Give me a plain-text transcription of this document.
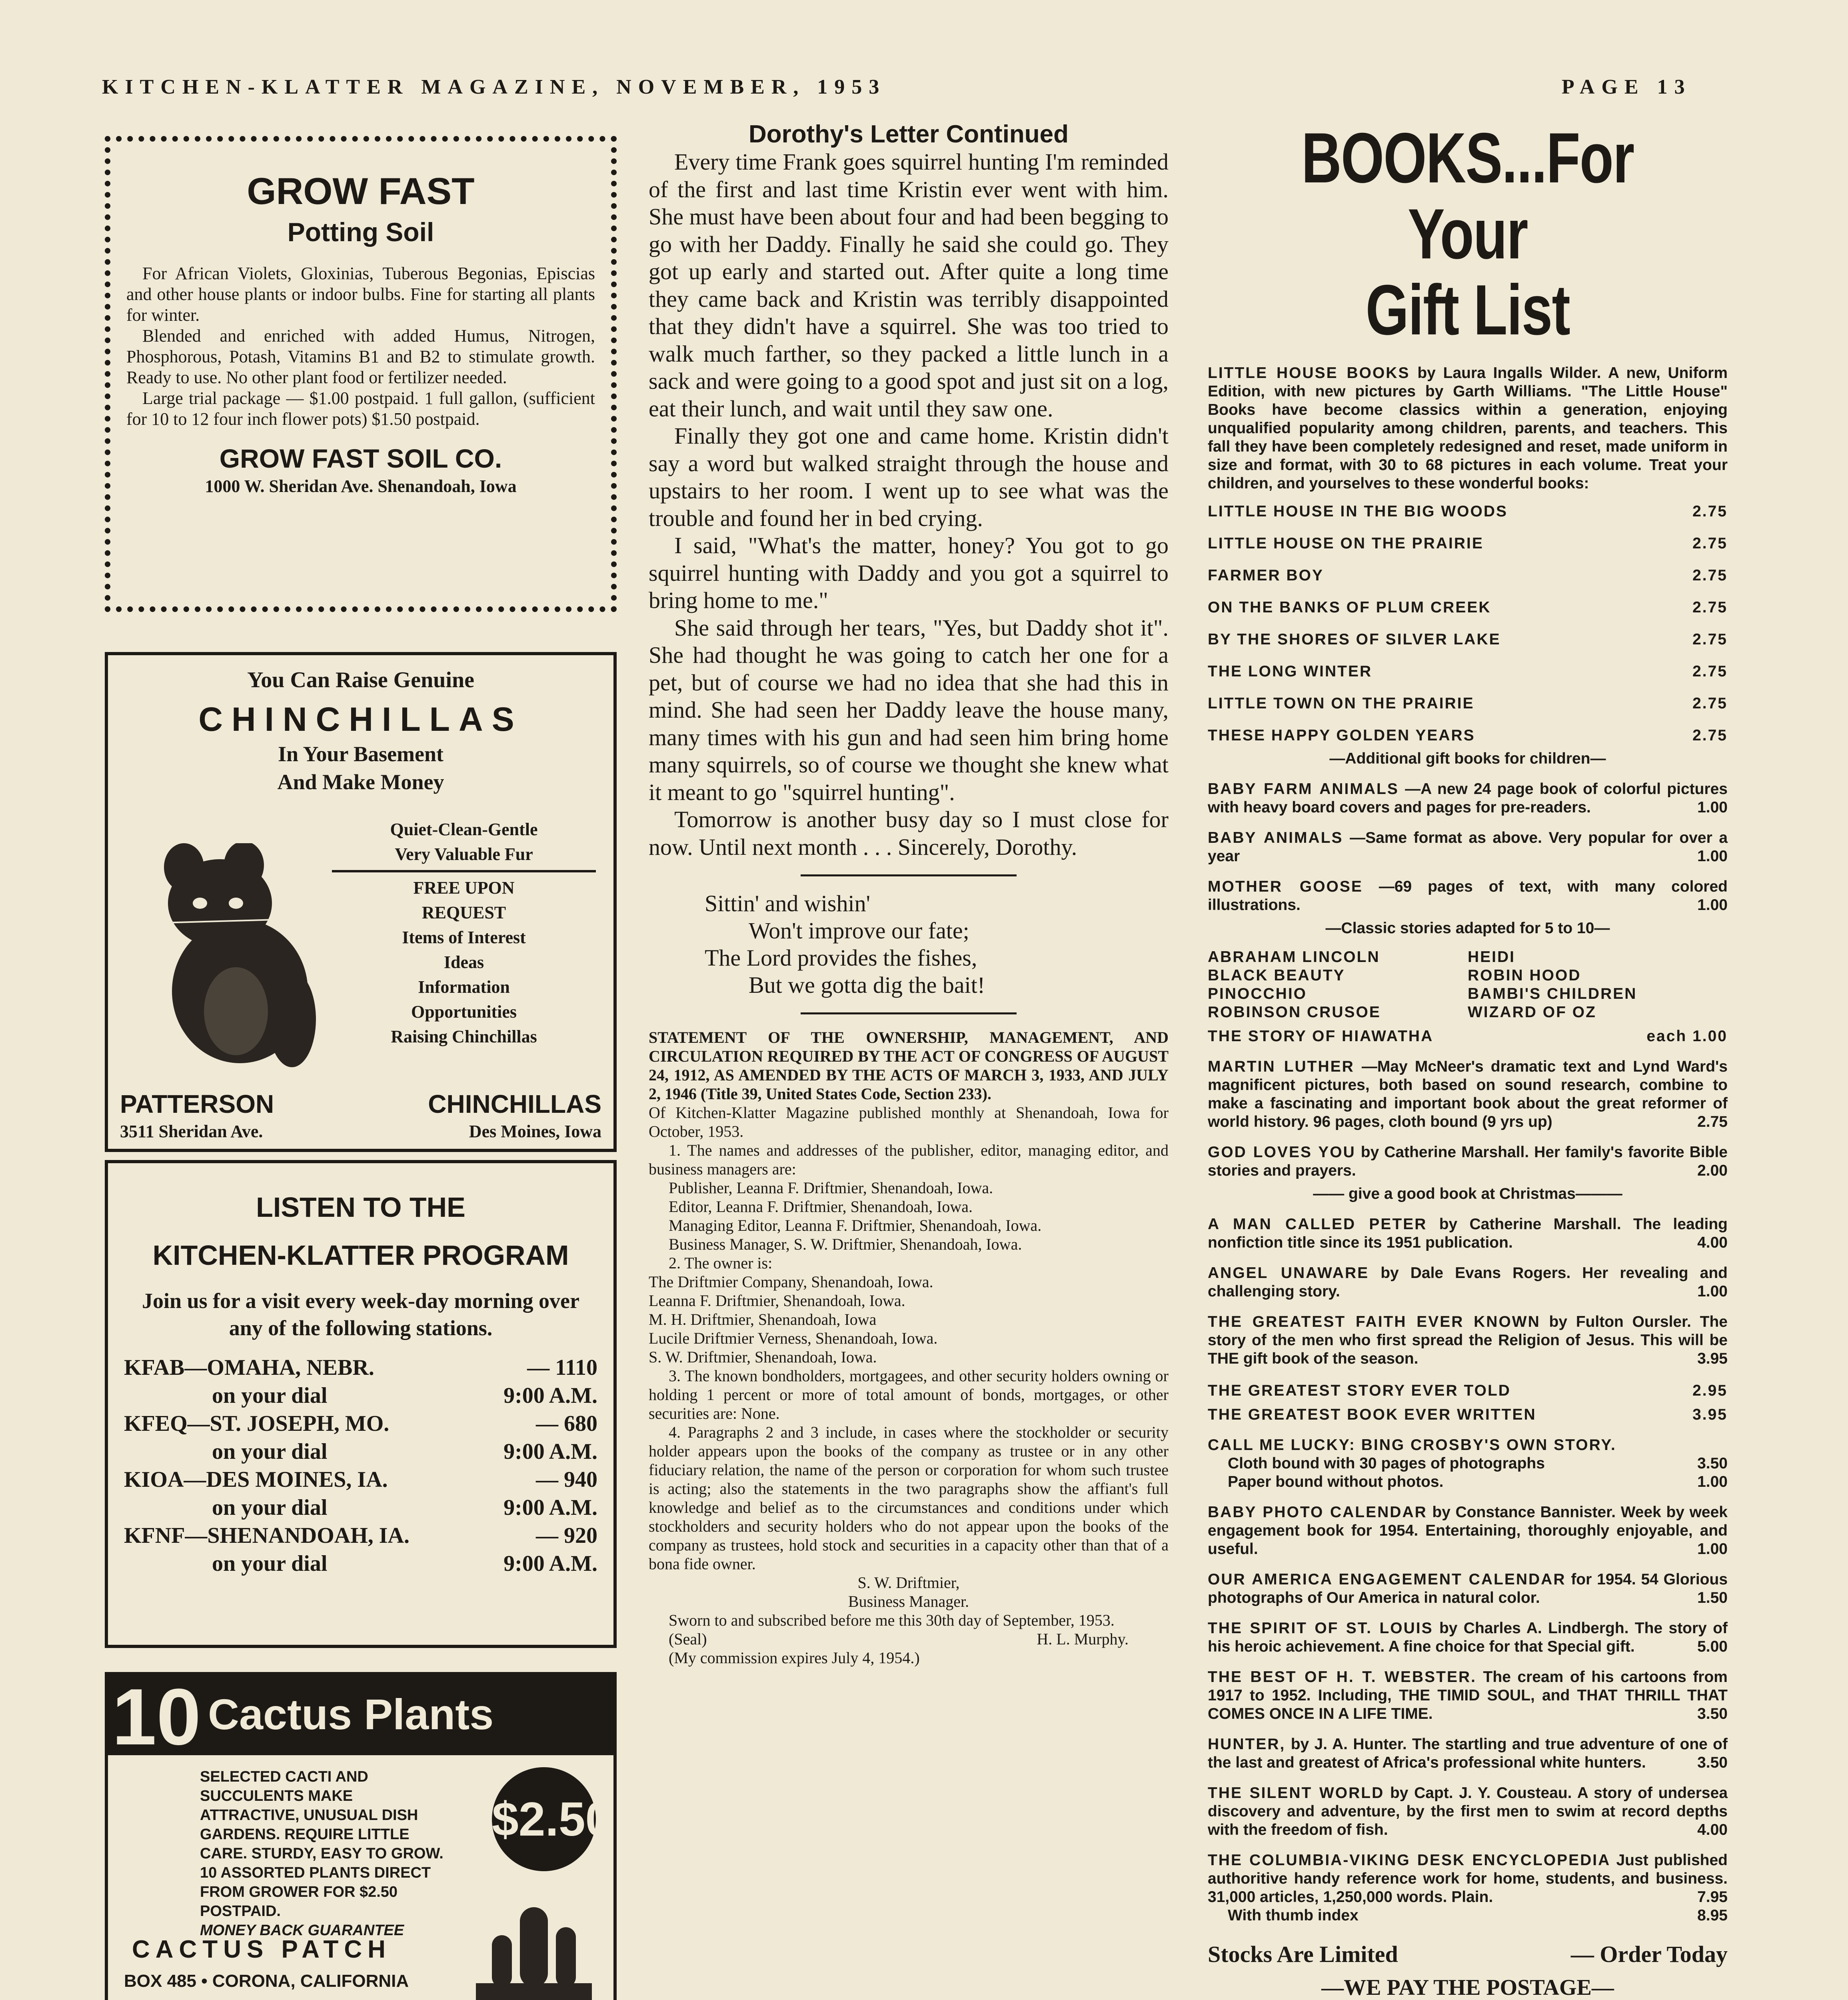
KITCHEN-KLATTER MAGAZINE, NOVEMBER, 1953	PAGE 13
GROW FAST
Potting Soil

For African Violets, Gloxinias, Tuberous Begonias, Episcias and other house plants or indoor bulbs. Fine for starting all plants for winter.

Blended and enriched with added Humus, Nitrogen, Phosphorous, Potash, Vitamins B1 and B2 to stimulate growth. Ready to use. No other plant food or fertilizer needed.

Large trial package — $1.00 postpaid. 1 full gallon, (sufficient for 10 to 12 four inch flower pots) $1.50 postpaid.

GROW FAST SOIL CO.
1000 W. Sheridan Ave. Shenandoah, Iowa
You Can Raise Genuine
CHINCHILLAS
In Your Basement
And Make Money
Quiet-Clean-Gentle
Very Valuable Fur
FREE UPON
REQUEST
Items of Interest
Ideas
Information
Opportunities
Raising Chinchillas
PATTERSON	CHINCHILLAS
3511 Sheridan Ave.	Des Moines, Iowa
LISTEN TO THE
KITCHEN-KLATTER PROGRAM
Join us for a visit every week-day morning over any of the following stations.
KFAB—OMAHA, NEBR.	— 1110
on your dial	9:00 A.M.
KFEQ—ST. JOSEPH, MO.	— 680
on your dial	9:00 A.M.
KIOA—DES MOINES, IA.	— 940
on your dial	9:00 A.M.
KFNF—SHENANDOAH, IA.	— 920
on your dial	9:00 A.M.
10 Cactus Plants
SELECTED CACTI AND SUCCULENTS MAKE ATTRACTIVE, UNUSUAL DISH GARDENS. REQUIRE LITTLE CARE. STURDY, EASY TO GROW. 10 ASSORTED PLANTS DIRECT FROM GROWER FOR $2.50 POSTPAID.
MONEY BACK GUARANTEE
$2.50
CACTUS PATCH
BOX 485 • CORONA, CALIFORNIA
Dorothy's Letter Continued

Every time Frank goes squirrel hunting I'm reminded of the first and last time Kristin ever went with him. She must have been about four and had been begging to go with her Daddy. Finally he said she could go. They got up early and started out. After quite a long time they came back and Kristin was terribly disappointed that they didn't have a squirrel. She was too tried to walk much farther, so they packed a little lunch in a sack and were going to a good spot and just sit on a log, eat their lunch, and wait until they saw one.

Finally they got one and came home. Kristin didn't say a word but walked straight through the house and upstairs to her room. I went up to see what was the trouble and found her in bed crying.

I said, "What's the matter, honey? You got to go squirrel hunting with Daddy and you got a squirrel to bring home to me."

She said through her tears, "Yes, but Daddy shot it". She had thought he was going to catch her one for a pet, but of course we had no idea that she had this in mind. She had seen her Daddy leave the house many, many times with his gun and had seen him bring home many squirrels, so of course we thought she knew what it meant to go "squirrel hunting".

Tomorrow is another busy day so I must close for now. Until next month . . . Sincerely, Dorothy.

Sittin' and wishin'
Won't improve our fate;
The Lord provides the fishes,
But we gotta dig the bait!

STATEMENT OF THE OWNERSHIP, MANAGEMENT, AND CIRCULATION REQUIRED BY THE ACT OF CONGRESS OF AUGUST 24, 1912, AS AMENDED BY THE ACTS OF MARCH 3, 1933, AND JULY 2, 1946 (Title 39, United States Code, Section 233).

Of Kitchen-Klatter Magazine published monthly at Shenandoah, Iowa for October, 1953.

1. The names and addresses of the publisher, editor, managing editor, and business managers are:

Publisher, Leanna F. Driftmier, Shenandoah, Iowa.

Editor, Leanna F. Driftmier, Shenandoah, Iowa.

Managing Editor, Leanna F. Driftmier, Shenandoah, Iowa.

Business Manager, S. W. Driftmier, Shenandoah, Iowa.

2. The owner is:

The Driftmier Company, Shenandoah, Iowa.

Leanna F. Driftmier, Shenandoah, Iowa.

M. H. Driftmier, Shenandoah, Iowa

Lucile Driftmier Verness, Shenandoah, Iowa.

S. W. Driftmier, Shenandoah, Iowa.

3. The known bondholders, mortgagees, and other security holders owning or holding 1 percent or more of total amount of bonds, mortgages, or other securities are: None.

4. Paragraphs 2 and 3 include, in cases where the stockholder or security holder appears upon the books of the company as trustee or in any other fiduciary relation, the name of the person or corporation for whom such trustee is acting; also the statements in the two paragraphs show the affiant's full knowledge and belief as to the circumstances and conditions under which stockholders and security holders who do not appear upon the books of the company as trustees, hold stock and securities in a capacity other than that of a bona fide owner.

S. W. Driftmier,

Business Manager.

Sworn to and subscribed before me this 30th day of September, 1953.

(Seal)	H. L. Murphy.

(My commission expires July 4, 1954.)

BOOKS...For Your
Gift List
LITTLE HOUSE BOOKS by Laura Ingalls Wilder. A new, Uniform Edition, with new pictures by Garth Williams. "The Little House" Books have become classics within a generation, enjoying unqualified popularity among children, parents, and teachers. This fall they have been completely redesigned and reset, made uniform in size and format, with 30 to 68 pictures in each volume. Treat your children, and yourselves to these wonderful books:
LITTLE HOUSE IN THE BIG WOODS	2.75
LITTLE HOUSE ON THE PRAIRIE	2.75
FARMER BOY	2.75
ON THE BANKS OF PLUM CREEK	2.75
BY THE SHORES OF SILVER LAKE	2.75
THE LONG WINTER	2.75
LITTLE TOWN ON THE PRAIRIE	2.75
THESE HAPPY GOLDEN YEARS	2.75
—Additional gift books for children—
BABY FARM ANIMALS —A new 24 page book of colorful pictures with heavy board covers and pages for pre-readers.	1.00
BABY ANIMALS —Same format as above. Very popular for over a year	1.00
MOTHER GOOSE —69 pages of text, with many colored illustrations.	1.00
—Classic stories adapted for 5 to 10—
ABRAHAM LINCOLN	HEIDI
BLACK BEAUTY	ROBIN HOOD
PINOCCHIO	BAMBI'S CHILDREN
ROBINSON CRUSOE	WIZARD OF OZ
THE STORY OF HIAWATHA	each 1.00
MARTIN LUTHER —May McNeer's dramatic text and Lynd Ward's magnificent pictures, both based on sound research, combine to make a fascinating and important book about the great reformer of world history. 96 pages, cloth bound (9 yrs up)	2.75
GOD LOVES YOU by Catherine Marshall. Her family's favorite Bible stories and prayers.	2.00
—— give a good book at Christmas———
A MAN CALLED PETER by Catherine Marshall. The leading nonfiction title since its 1951 publication.	4.00
ANGEL UNAWARE by Dale Evans Rogers. Her revealing and challenging story.	1.00
THE GREATEST FAITH EVER KNOWN by Fulton Oursler. The story of the men who first spread the Religion of Jesus. This will be THE gift book of the season.	3.95
THE GREATEST STORY EVER TOLD	2.95
THE GREATEST BOOK EVER WRITTEN	3.95
CALL ME LUCKY: BING CROSBY'S OWN STORY.
Cloth bound with 30 pages of photographs	3.50
Paper bound without photos.	1.00
BABY PHOTO CALENDAR by Constance Bannister. Week by week engagement book for 1954. Entertaining, thoroughly enjoyable, and useful.	1.00
OUR AMERICA ENGAGEMENT CALENDAR for 1954. 54 Glorious photographs of Our America in natural color.	1.50
THE SPIRIT OF ST. LOUIS by Charles A. Lindbergh. The story of his heroic achievement. A fine choice for that Special gift.	5.00
THE BEST OF H. T. WEBSTER. The cream of his cartoons from 1917 to 1952. Including, THE TIMID SOUL, and THAT THRILL THAT COMES ONCE IN A LIFE TIME.	3.50
HUNTER, by J. A. Hunter. The startling and true adventure of one of the last and greatest of Africa's professional white hunters.	3.50
THE SILENT WORLD by Capt. J. Y. Cousteau. A story of undersea discovery and adventure, by the first men to swim at record depths with the freedom of fish.	4.00
THE COLUMBIA-VIKING DESK ENCYCLOPEDIA Just published authoritive handy reference work for home, students, and business. 31,000 articles, 1,250,000 words. Plain.	7.95
With thumb index	8.95
Stocks Are Limited	— Order Today
—WE PAY THE POSTAGE—
